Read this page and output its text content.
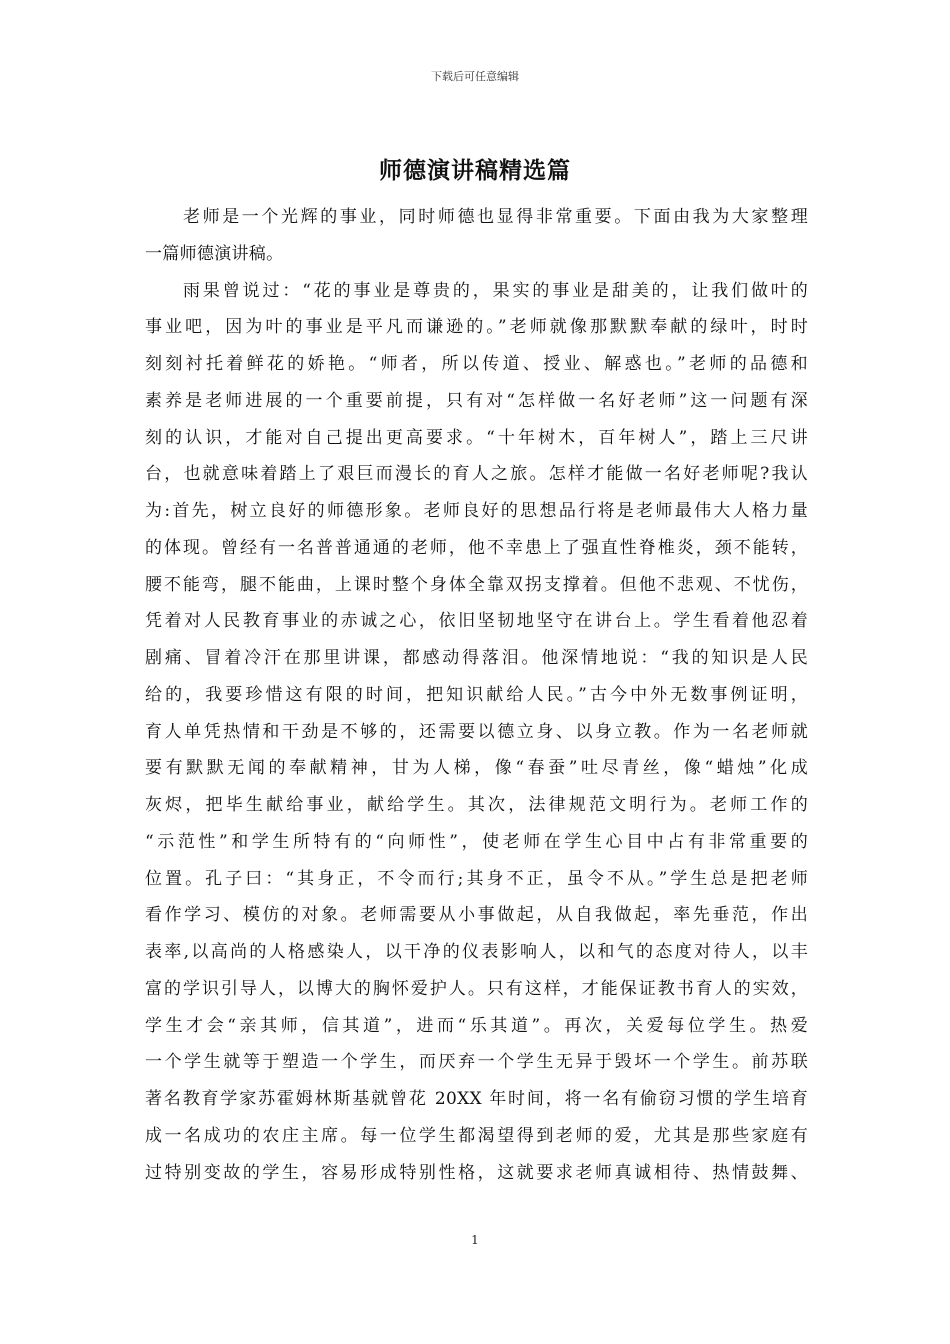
下载后可任意编辑
师德演讲稿精选篇
老师是一个光辉的事业，同时师德也显得非常重要。下面由我为大家整理
一篇师德演讲稿。
雨果曾说过：“花的事业是尊贵的，果实的事业是甜美的，让我们做叶的
事业吧，因为叶的事业是平凡而谦逊的。”老师就像那默默奉献的绿叶，时时
刻刻衬托着鲜花的娇艳。“师者，所以传道、授业、解惑也。”老师的品德和
素养是老师进展的一个重要前提，只有对“怎样做一名好老师”这一问题有深
刻的认识，才能对自己提出更高要求。“十年树木，百年树人”，踏上三尺讲
台，也就意味着踏上了艰巨而漫长的育人之旅。怎样才能做一名好老师呢?我认
为:首先，树立良好的师德形象。老师良好的思想品行将是老师最伟大人格力量
的体现。曾经有一名普普通通的老师，他不幸患上了强直性脊椎炎，颈不能转，
腰不能弯，腿不能曲，上课时整个身体全靠双拐支撑着。但他不悲观、不忧伤，
凭着对人民教育事业的赤诚之心，依旧坚韧地坚守在讲台上。学生看着他忍着
剧痛、冒着冷汗在那里讲课，都感动得落泪。他深情地说：“我的知识是人民
给的，我要珍惜这有限的时间，把知识献给人民。”古今中外无数事例证明，
育人单凭热情和干劲是不够的，还需要以德立身、以身立教。作为一名老师就
要有默默无闻的奉献精神，甘为人梯，像“春蚕”吐尽青丝，像“蜡烛”化成
灰烬，把毕生献给事业，献给学生。其次，法律规范文明行为。老师工作的
“示范性”和学生所特有的“向师性”，使老师在学生心目中占有非常重要的
位置。孔子曰：“其身正，不令而行;其身不正，虽令不从。”学生总是把老师
看作学习、模仿的对象。老师需要从小事做起，从自我做起，率先垂范，作出
表率,以高尚的人格感染人，以干净的仪表影响人，以和气的态度对待人，以丰
富的学识引导人，以博大的胸怀爱护人。只有这样，才能保证教书育人的实效，
学生才会“亲其师，信其道”，进而“乐其道”。再次，关爱每位学生。热爱
一个学生就等于塑造一个学生，而厌弃一个学生无异于毁坏一个学生。前苏联
著名教育学家苏霍姆林斯基就曾花 20XX 年时间，将一名有偷窃习惯的学生培育
成一名成功的农庄主席。每一位学生都渴望得到老师的爱，尤其是那些家庭有
过特别变故的学生，容易形成特别性格，这就要求老师真诚相待、热情鼓舞、
1
